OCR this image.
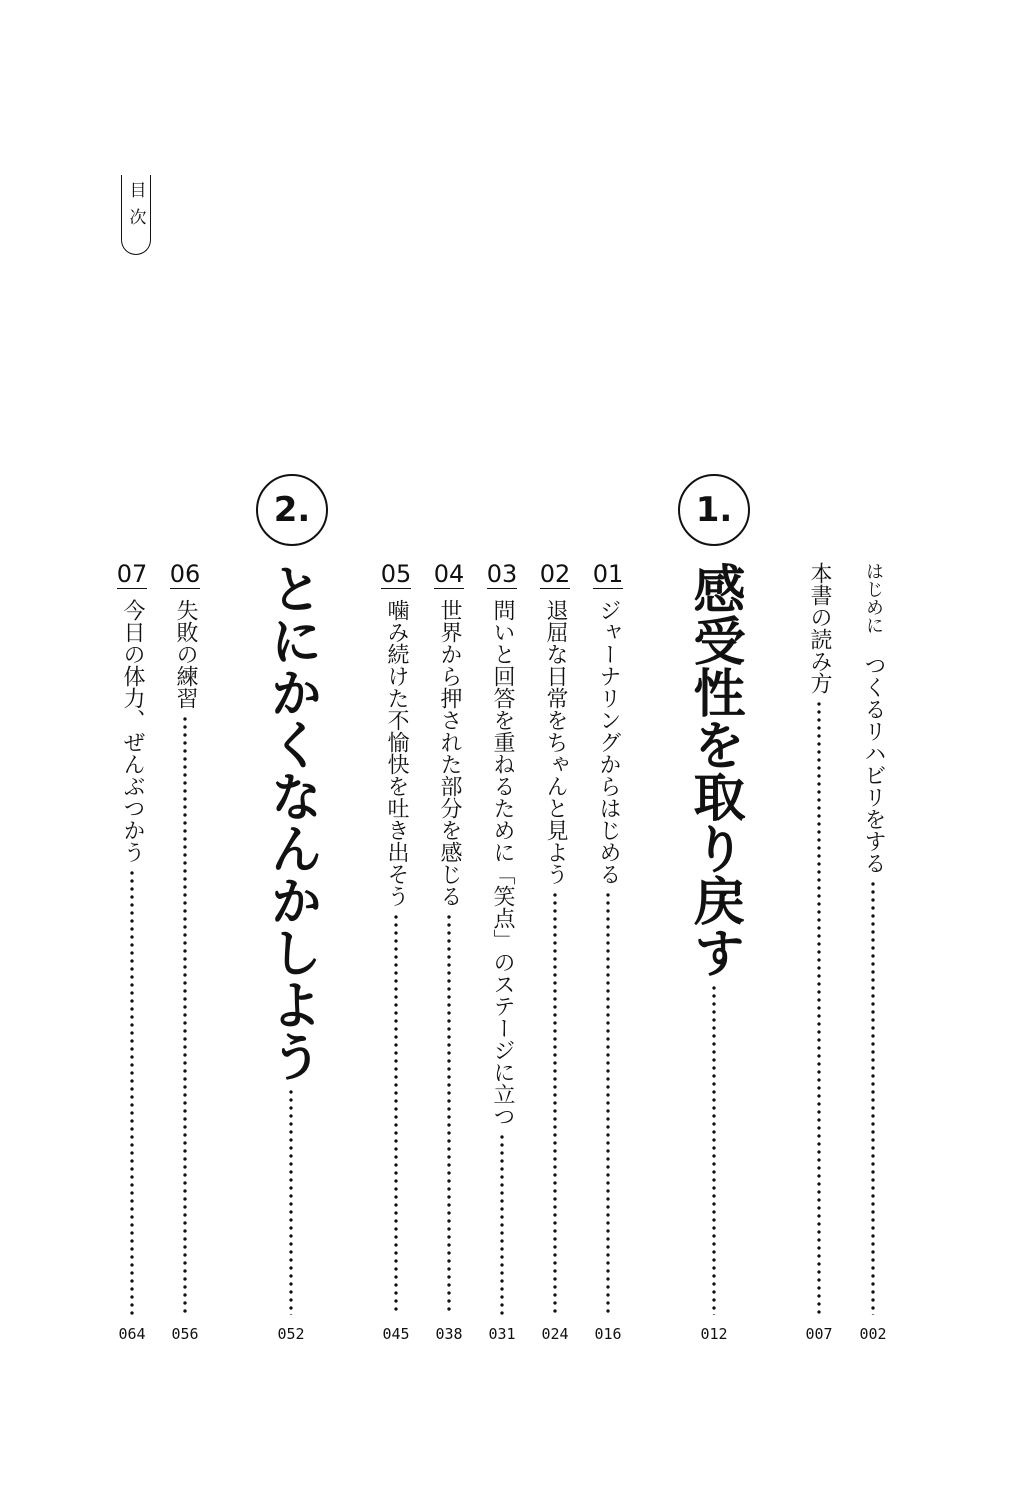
目次
はじめに
つくるリハビリをする
002
本書の読み方
007
1.
感受性を取り戻す
012
01
ジャーナリングからはじめる
016
02
退屈な日常をちゃんと見よう
024
03
問いと回答を重ねるために「笑点」のステージに立つ
031
04
世界から押された部分を感じる
038
05
噛み続けた不愉快を吐き出そう
045
2.
とにかくなんかしよう
052
06
失敗の練習
056
07
今日の体力、ぜんぶつかう
064
